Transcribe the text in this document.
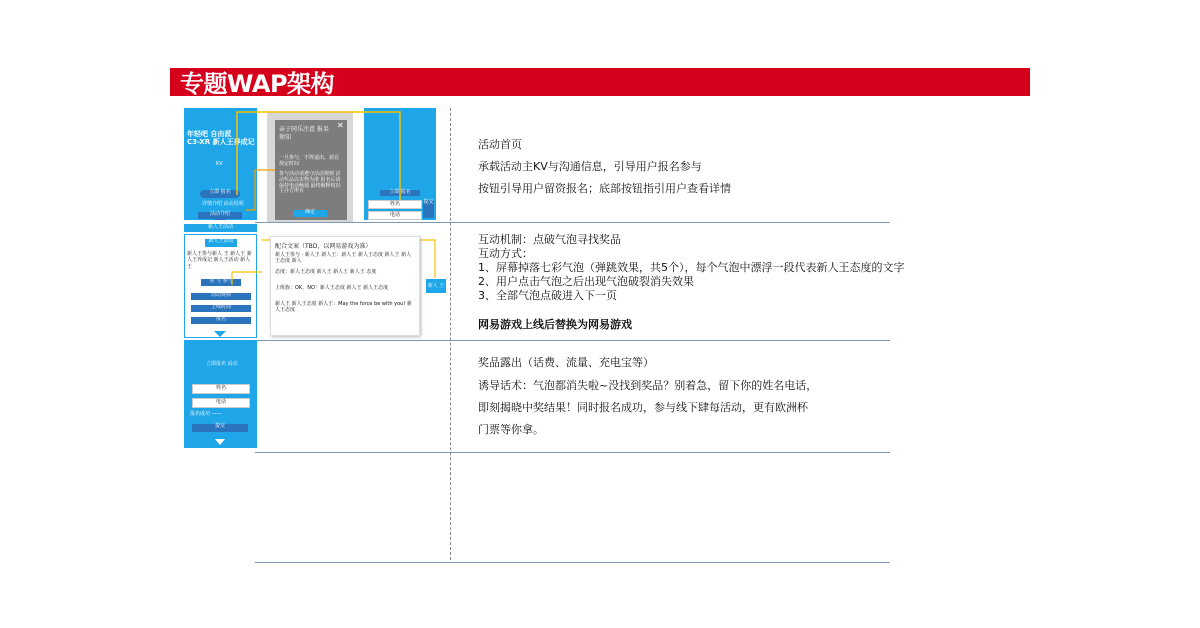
专题WAP架构
年轻吧 自由派
C3-XR 新人王养成记
KV
立即 报名
详情介绍 活动说明
活动介绍
新人王活动
新人王活动
新人王参与新人 王 新人王 新人王养成记 新人王活动 新人王
参 与 参与
活动规则
上线时间
报名
立即报名 活动
姓名
电话
报名成功 ——
提交
亲子同乐注意 报名须知
✕
一旦参与，不得退出，须在规定时间
参与活动请遵守活动规则 活动奖品以实物为准 报名后请保持电话畅通 最终解释权归主办方所有
确定
立即 报名
姓名
电话
提交
配合文案（TBD，以网易游戏为准）
新人王参与 · 新人王 新人王：新人王 新人王态度 新人王 新人王态度 新人
态度：新人王态度 新人王 新人王 新人王 态度
上班族：OK，NO！新人王态度 新人王 新人王态度
新人王 新人王态度 新人王：May the force be with you! 新人王态度
新人 王态度
活动首页
承载活动主KV与沟通信息，引导用户报名参与
按钮引导用户留资报名；底部按钮指引用户查看详情
互动机制：点破气泡寻找奖品
互动方式：
1、屏幕掉落七彩气泡（弹跳效果，共5个），每个气泡中漂浮一段代表新人王态度的文字
2、用户点击气泡之后出现气泡破裂消失效果
3、全部气泡点破进入下一页
网易游戏上线后替换为网易游戏
奖品露出（话费、流量、充电宝等）
诱导话术：气泡都消失啦~没找到奖品？别着急，留下你的姓名电话，
即刻揭晓中奖结果！同时报名成功，参与线下肆每活动，更有欧洲杯
门票等你拿。
